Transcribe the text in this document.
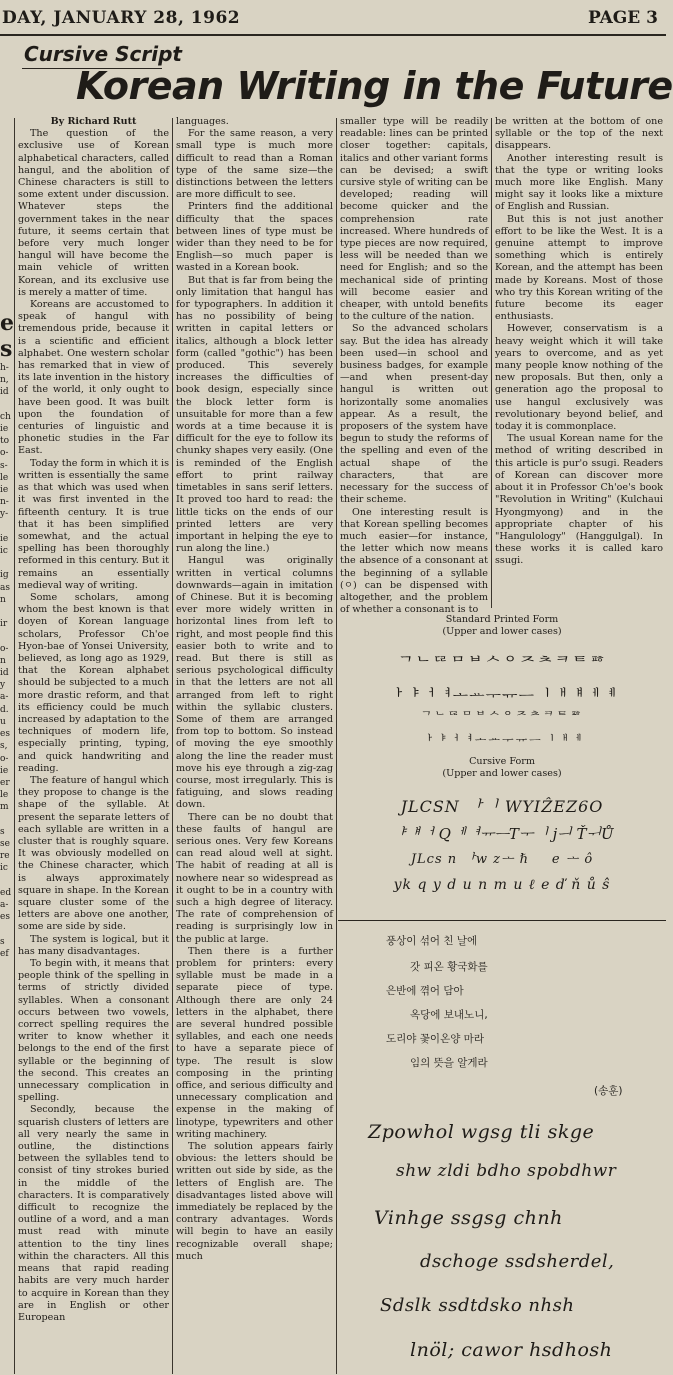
DAY, JANUARY 28, 1962	PAGE 3
Cursive Script
Korean Writing in the Future
e s
h-
n,
id

ch
ie
to
o-
s-
le
ie
n-
y-

ie
ic

ig
as
n

ir

o-
n
id
y
a-
d.
u
es
s,
o-
ie
er
le
m

s
se
re
ic

ed
a-
es

s
ef

By Richard Rutt

The question of the exclusive use of Korean alphabetical characters, called hangul, and the abolition of Chinese characters is still to some extent under discussion. Whatever steps the government takes in the near future, it seems certain that before very much longer hangul will have become the main vehicle of written Korean, and its exclusive use is merely a matter of time.

Koreans are accustomed to speak of hangul with tremendous pride, because it is a scientific and efficient alphabet. One western scholar has remarked that in view of its late invention in the history of the world, it only ought to have been good. It was built upon the foundation of centuries of linguistic and phonetic studies in the Far East.

Today the form in which it is written is essentially the same as that which was used when it was first invented in the fifteenth century. It is true that it has been simplified somewhat, and the actual spelling has been thoroughly reformed in this century. But it remains an essentially medieval way of writing.

Some scholars, among whom the best known is that doyen of Korean language scholars, Professor Ch'oe Hyon-bae of Yonsei University, believed, as long ago as 1929, that the Korean alphabet should be subjected to a much more drastic reform, and that its efficiency could be much increased by adaptation to the techniques of modern life, especially printing, typing, and quick handwriting and reading.

The feature of hangul which they propose to change is the shape of the syllable. At present the separate letters of each syllable are written in a cluster that is roughly square. It was obviously modelled on the Chinese character, which is always approximately square in shape. In the Korean square cluster some of the letters are above one another, some are side by side.

The system is logical, but it has many disadvantages.

To begin with, it means that people think of the spelling in terms of strictly divided syllables. When a consonant occurs between two vowels, correct spelling requires the writer to know whether it belongs to the end of the first syllable or the beginning of the second. This creates an unnecessary complication in spelling.

Secondly, because the squarish clusters of letters are all very nearly the same in outline, the distinctions between the syllables tend to consist of tiny strokes buried in the middle of the characters. It is comparatively difficult to recognize the outline of a word, and a man must read with minute attention to the tiny lines within the characters. All this means that rapid reading habits are very much harder to acquire in Korean than they are in English or other European

languages.

For the same reason, a very small type is much more difficult to read than a Roman type of the same size—the distinctions between the letters are more difficult to see.

Printers find the additional difficulty that the spaces between lines of type must be wider than they need to be for English—so much paper is wasted in a Korean book.

But that is far from being the only limitation that hangul has for typographers. In addition it has no possibility of being written in capital letters or italics, although a block letter form (called "gothic") has been produced. This severely increases the difficulties of book design, especially since the block letter form is unsuitable for more than a few words at a time because it is difficult for the eye to follow its chunky shapes very easily. (One is reminded of the English effort to print railway timetables in sans serif letters. It proved too hard to read: the little ticks on the ends of our printed letters are very important in helping the eye to run along the line.)

Hangul was originally written in vertical columns downwards—again in imitation of Chinese. But it is becoming ever more widely written in horizontal lines from left to right, and most people find this easier both to write and to read. But there is still as serious psychological difficulty in that the letters are not all arranged from left to right within the syllabic clusters. Some of them are arranged from top to bottom. So instead of moving the eye smoothly along the line the reader must move his eye through a zig-zag course, most irregularly. This is fatiguing, and slows reading down.

There can be no doubt that these faults of hangul are serious ones. Very few Koreans can read aloud well at sight. The habit of reading at all is nowhere near so widespread as it ought to be in a country with such a high degree of literacy. The rate of comprehension of reading is surprisingly low in the public at large.

Then there is a further problem for printers: every syllable must be made in a separate piece of type. Although there are only 24 letters in the alphabet, there are several hundred possible syllables, and each one needs to have a separate piece of type. The result is slow composing in the printing office, and serious difficulty and unnecessary complication and expense in the making of linotype, typewriters and other writing machinery.

The solution appears fairly obvious: the letters should be written out side by side, as the letters of English are. The disadvantages listed above will immediately be replaced by the contrary advantages. Words will begin to have an easily recognizable overall shape; much

smaller type will be readily readable: lines can be printed closer together: capitals, italics and other variant forms can be devised; a swift cursive style of writing can be developed; reading will become quicker and the comprehension rate increased. Where hundreds of type pieces are now required, less will be needed than we need for English; and so the mechanical side of printing will become easier and cheaper, with untold benefits to the culture of the nation.

So the advanced scholars say. But the idea has already been used—in school and business badges, for example—and when present-day hangul is written out horizontally some anomalies appear. As a result, the proposers of the system have begun to study the reforms of the spelling and even of the actual shape of the characters, that are necessary for the success of their scheme.

One interesting result is that Korean spelling becomes much easier—for instance, the letter which now means the absence of a consonant at the beginning of a syllable (ㅇ) can be dispensed with altogether, and the problem of whether a consonant is to

be written at the bottom of one syllable or the top of the next disappears.

Another interesting result is that the type or writing looks much more like English. Many might say it looks like a mixture of English and Russian.

But this is not just another effort to be like the West. It is a genuine attempt to improve something which is entirely Korean, and the attempt has been made by Koreans. Most of those who try this Korean writing of the future become its eager enthusiasts.

However, conservatism is a heavy weight which it will take years to overcome, and as yet many people know nothing of the new proposals. But then, only a generation ago the proposal to use hangul exclusively was revolutionary beyond belief, and today it is commonplace.

The usual Korean name for the method of writing described in this article is pur'o ssugi. Readers of Korean can discover more about it in Professor Ch'oe's book "Revolution in Writing" (Kulchaui Hyongmyong) and in the appropriate chapter of his "Hangulology" (Hanggulgal). In these works it is called karo ssugi.

Standard Printed Form
(Upper and lower cases)
ᄀᄂᄃᄅᄆᄇᄉᄋᄌᄎᄏᄐᄑᄒ
ᅡᅣᅥᅧᅩᅭᅮᅲᅳᅵᅢᅤᅦᅨ
ᄀᄂᄃᄅᄆᄇᄉᄋᄌᄎᄏᄐᄑᄒ
ᅡᅣᅥᅧᅩᅭᅮᅲᅳᅵᅢᅦ
Cursive Form
(Upper and lower cases)
JLCSN ᅡᅵ WYIẐEZ6O
ᅣᅤᅥ QᅦᅧᅲᅳTᅮᅵ jᅴ ŤᅱŮ
JLcs n ᅡw zᅩ ℏ ᅟ e ᅩ ô
yk q y d u n m u ℓ e ď ň ů ŝ
풍상이 섞어 친 날에
갓 피온 황국화를
은반에 껶어 담아
옥당에 보내노니,
도리야 꽃이온양 마라
임의 뜻을 알게라
(송훈)
Zpowhol wgsg tli skge
shw zldi bdho spobdhwr
Vinhge ssgsg chnh
dschoge ssdsherdel,
Sdslk ssdtdsko nhsh
lnöl; cawor hsdhosh
